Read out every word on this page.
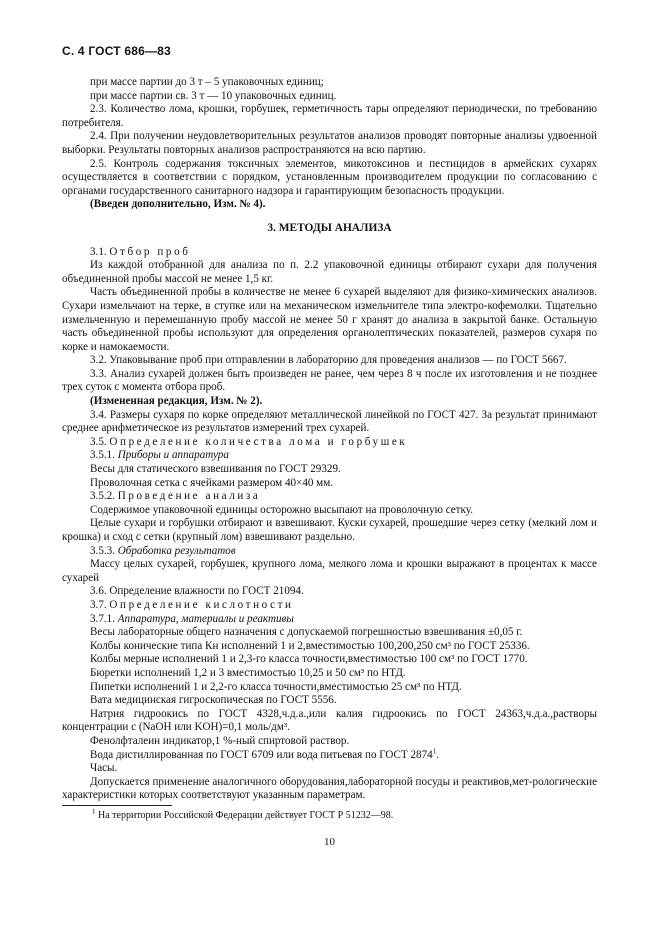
С. 4 ГОСТ 686—83

при массе партии до 3 т – 5 упаковочных единиц;

при массе партии св. 3 т — 10 упаковочных единиц.

2.3. Количество лома, крошки, горбушек, герметичность тары определяют периодически, по требованию потребителя.

2.4. При получении неудовлетворительных результатов анализов проводят повторные анализы удвоенной выборки. Результаты повторных анализов распространяются на всю партию.

2.5. Контроль содержания токсичных элементов, микотоксинов и пестицидов в армейских сухарях осуществляется в соответствии с порядком, установленным производителем продукции по согласованию с органами государственного санитарного надзора и гарантирующим безопасность продукции.

(Введен дополнительно, Изм. № 4).

3. МЕТОДЫ АНАЛИЗА

3.1. Отбор проб

Из каждой отобранной для анализа по п. 2.2 упаковочной единицы отбирают сухари для получения объединенной пробы массой не менее 1,5 кг.

Часть объединенной пробы в количестве не менее 6 сухарей выделяют для физико-химических анализов. Сухари измельчают на терке, в ступке или на механическом измельчителе типа электро-кофемолки. Тщательно измельченную и перемешанную пробу массой не менее 50 г хранят до анализа в закрытой банке. Остальную часть объединенной пробы используют для определения органолептических показателей, размеров сухаря по корке и намокаемости.

3.2. Упаковывание проб при отправлении в лабораторию для проведения анализов — по ГОСТ 5667.

3.3. Анализ сухарей должен быть произведен не ранее, чем через 8 ч после их изготовления и не позднее трех суток с момента отбора проб.

(Измененная редакция, Изм. № 2).

3.4. Размеры сухаря по корке определяют металлической линейкой по ГОСТ 427. За результат принимают среднее арифметическое из результатов измерений трех сухарей.

3.5. Определение количества лома и горбушек

3.5.1. Приборы и аппаратура

Весы для статического взвешивания по ГОСТ 29329.

Проволочная сетка с ячейками размером 40×40 мм.

3.5.2. Проведение анализа

Содержимое упаковочной единицы осторожно высыпают на проволочную сетку.

Целые сухари и горбушки отбирают и взвешивают. Куски сухарей, прошедшие через сетку (мелкий лом и крошка) и сход с сетки (крупный лом) взвешивают раздельно.

3.5.3. Обработка результатов

Массу целых сухарей, горбушек, крупного лома, мелкого лома и крошки выражают в процентах к массе сухарей

3.6. Определение влажности по ГОСТ 21094.

3.7. Определение кислотности

3.7.1. Аппаратура, материалы и реактивы

Весы лабораторные общего назначения с допускаемой погрешностью взвешивания ±0,05 г.

Колбы конические типа Кн исполнений 1 и 2,вместимостью 100,200,250 см³ по ГОСТ 25336.

Колбы мерные исполнений 1 и 2,3-го класса точности,вместимостью 100 см³ по ГОСТ 1770.

Бюретки исполнений 1,2 и 3 вместимостью 10,25 и 50 см³ по НТД.

Пипетки исполнений 1 и 2,2-го класса точности,вместимостью 25 см³ по НТД.

Вата медицинская гигроскопическая по ГОСТ 5556.

Натрия гидроокись по ГОСТ 4328,ч.д.а.,или калия гидроокись по ГОСТ 24363,ч.д.а.,растворы концентрации с (NaOH или KOH)=0,1 моль/дм³.

Фенолфталеин индикатор,1 %-ный спиртовой раствор.

Вода дистиллированная по ГОСТ 6709 или вода питьевая по ГОСТ 2874$^1$.

Часы.

Допускается применение аналогичного оборудования,лабораторной посуды и реактивов,мет-рологические характеристики которых соответствуют указанным параметрам.

$^1$ На территории Российской Федерации действует ГОСТ Р 51232—98.
10
